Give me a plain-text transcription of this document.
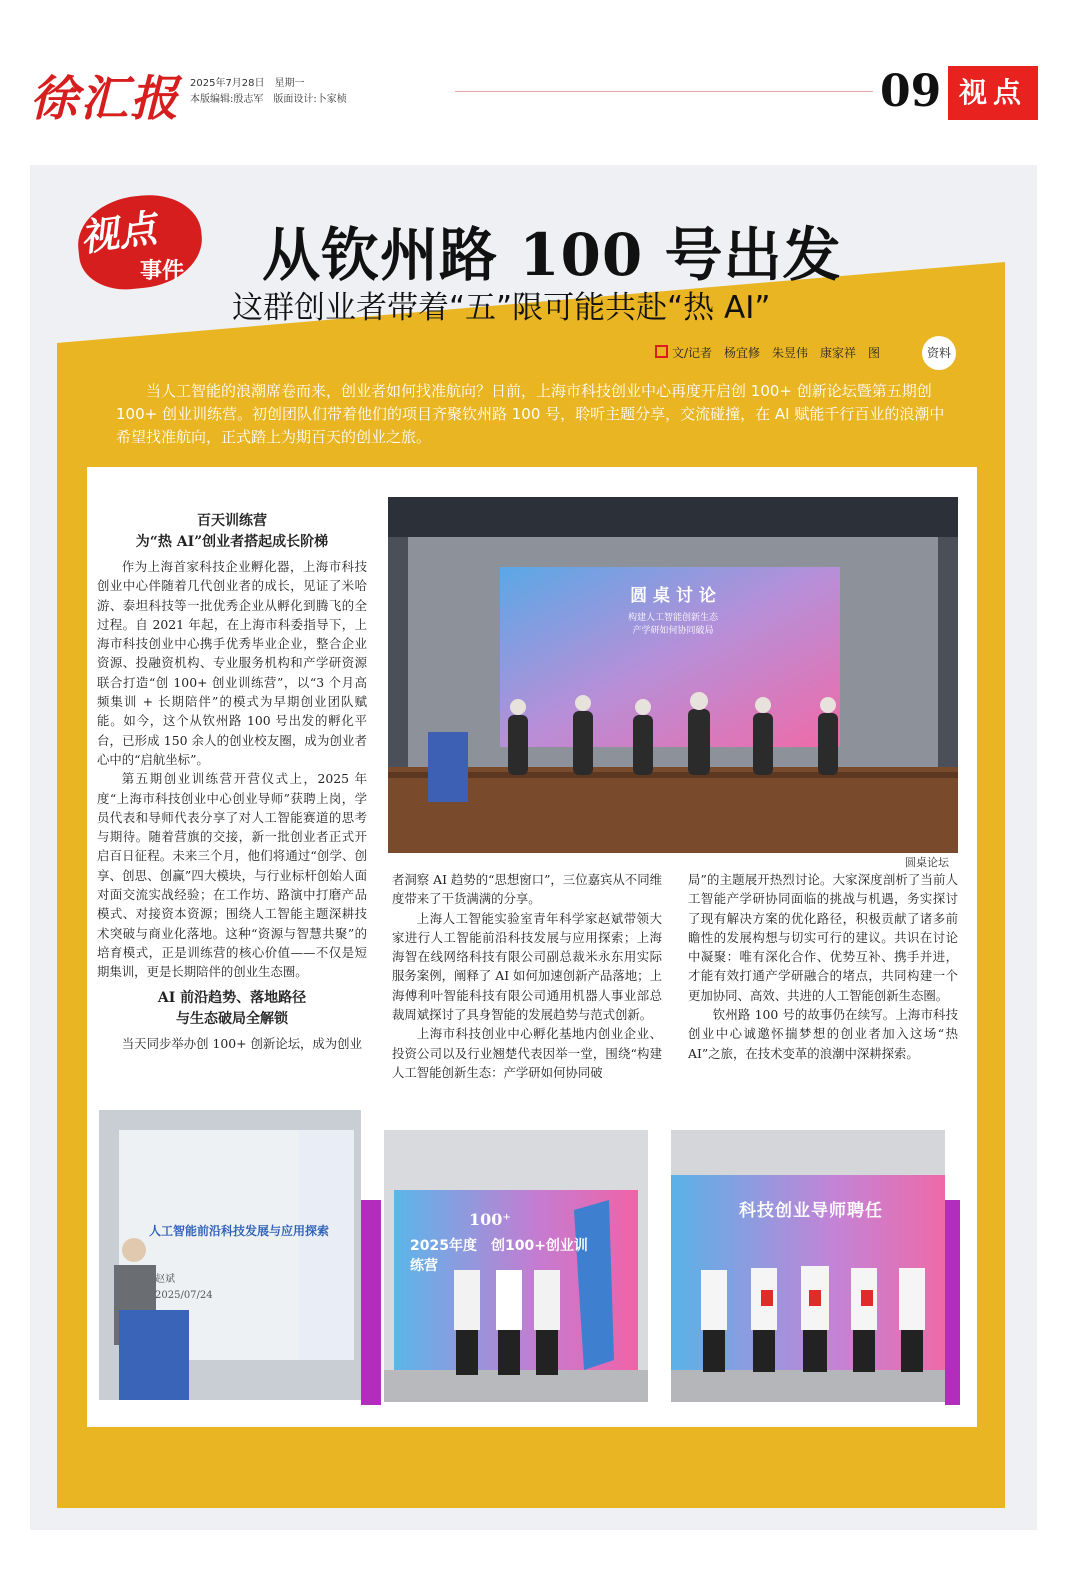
徐汇报 2025年7月28日　星期一
本版编辑:殷志军　版面设计:卜家桢	09 视点
视点
事件 从钦州路 100 号出发
这群创业者带着“五”限可能共赴“热 AI”
文/记者　杨宜修　朱昱伟　康家祥　图	资料
当人工智能的浪潮席卷而来，创业者如何找准航向？日前，上海市科技创业中心再度开启创 100+ 创新论坛暨第五期创 100+ 创业训练营。初创团队们带着他们的项目齐聚钦州路 100 号，聆听主题分享，交流碰撞，在 AI 赋能千行百业的浪潮中希望找准航向，正式踏上为期百天的创业之旅。
百天训练营
为“热 AI”创业者搭起成长阶梯

作为上海首家科技企业孵化器，上海市科技创业中心伴随着几代创业者的成长，见证了米哈游、泰坦科技等一批优秀企业从孵化到腾飞的全过程。自 2021 年起，在上海市科委指导下，上海市科技创业中心携手优秀毕业企业，整合企业资源、投融资机构、专业服务机构和产学研资源联合打造“创 100+ 创业训练营”，以“3 个月高频集训 + 长期陪伴”的模式为早期创业团队赋能。如今，这个从钦州路 100 号出发的孵化平台，已形成 150 余人的创业校友圈，成为创业者心中的“启航坐标”。

第五期创业训练营开营仪式上，2025 年度“上海市科技创业中心创业导师”获聘上岗，学员代表和导师代表分享了对人工智能赛道的思考与期待。随着营旗的交接，新一批创业者正式开启百日征程。未来三个月，他们将通过“创学、创享、创思、创赢”四大模块，与行业标杆创始人面对面交流实战经验；在工作坊、路演中打磨产品模式、对接资本资源；围绕人工智能主题深耕技术突破与商业化落地。这种“资源与智慧共聚”的培育模式，正是训练营的核心价值——不仅是短期集训，更是长期陪伴的创业生态圈。

AI 前沿趋势、落地路径
与生态破局全解锁

当天同步举办创 100+ 创新论坛，成为创业

圆 桌 讨 论
构建人工智能创新生态
产学研如何协同破局
圆桌论坛

者洞察 AI 趋势的“思想窗口”，三位嘉宾从不同维度带来了干货满满的分享。

上海人工智能实验室青年科学家赵斌带领大家进行人工智能前沿科技发展与应用探索；上海海智在线网络科技有限公司副总裁米永东用实际服务案例，阐释了 AI 如何加速创新产品落地；上海傅利叶智能科技有限公司通用机器人事业部总裁周斌探讨了具身智能的发展趋势与范式创新。

上海市科技创业中心孵化基地内创业企业、投资公司以及行业翘楚代表因举一堂，围绕“构建人工智能创新生态：产学研如何协同破

局”的主题展开热烈讨论。大家深度剖析了当前人工智能产学研协同面临的挑战与机遇，务实探讨了现有解决方案的优化路径，积极贡献了诸多前瞻性的发展构想与切实可行的建议。共识在讨论中凝聚：唯有深化合作、优势互补、携手并进，才能有效打通产学研融合的堵点，共同构建一个更加协同、高效、共进的人工智能创新生态圈。

钦州路 100 号的故事仍在续写。上海市科技创业中心诚邀怀揣梦想的创业者加入这场“热 AI”之旅，在技术变革的浪潮中深耕探索。

人工智能前沿科技发展与应用探索
赵斌
2025/07/24
100⁺
2025年度　创100+创业训练营
科技创业导师聘任
